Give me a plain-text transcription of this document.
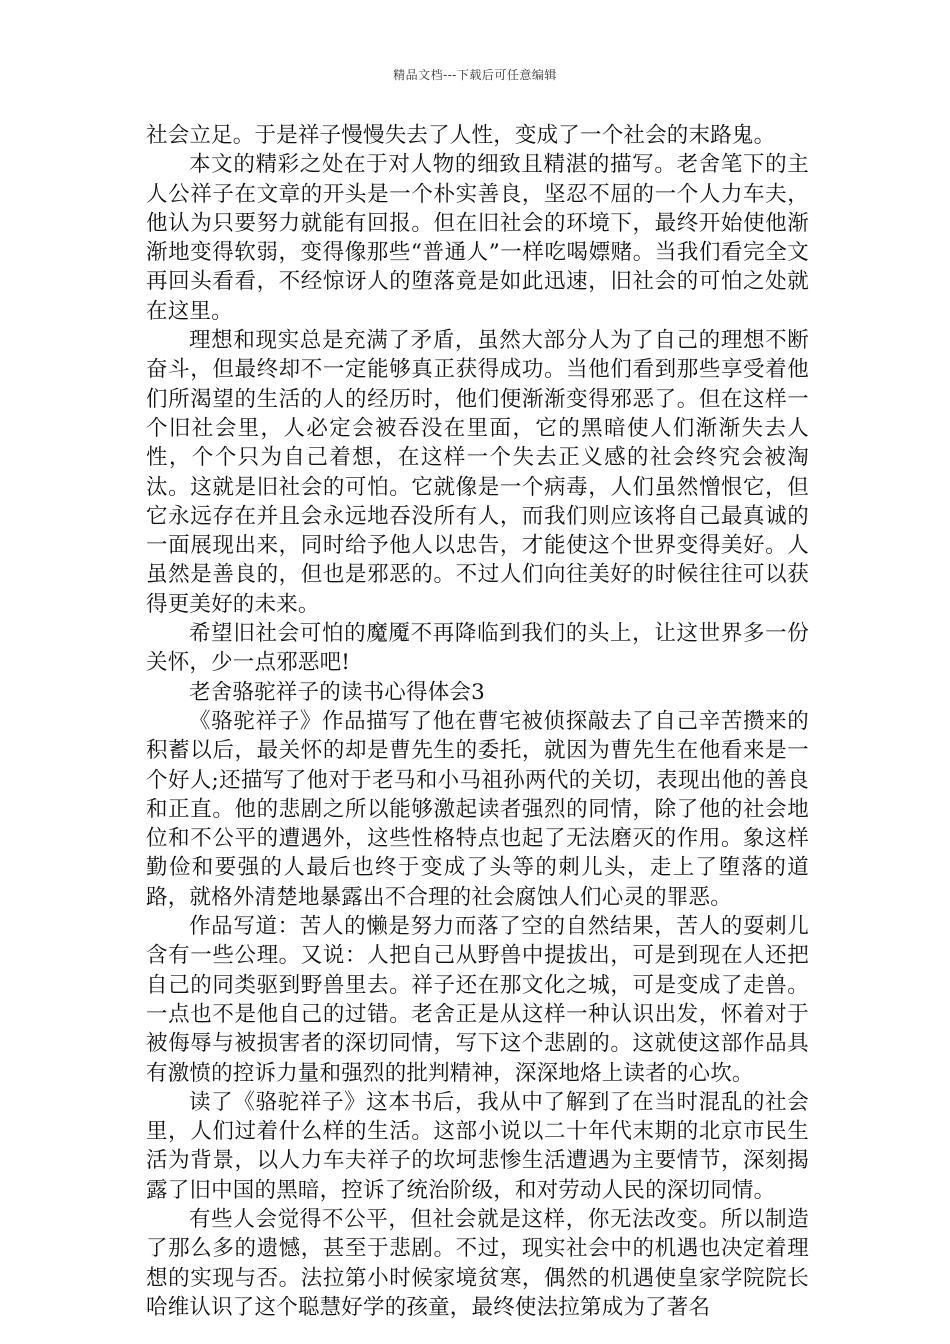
精品文档---下载后可任意编辑

社会立足。于是祥子慢慢失去了人性，变成了一个社会的末路鬼。

本文的精彩之处在于对人物的细致且精湛的描写。老舍笔下的主人公祥子在文章的开头是一个朴实善良，坚忍不屈的一个人力车夫，他认为只要努力就能有回报。但在旧社会的环境下，最终开始使他渐渐地变得软弱，变得像那些“普通人”一样吃喝嫖赌。当我们看完全文再回头看看，不经惊讶人的堕落竟是如此迅速，旧社会的可怕之处就在这里。

理想和现实总是充满了矛盾，虽然大部分人为了自己的理想不断奋斗，但最终却不一定能够真正获得成功。当他们看到那些享受着他们所渴望的生活的人的经历时，他们便渐渐变得邪恶了。但在这样一个旧社会里，人必定会被吞没在里面，它的黑暗使人们渐渐失去人性，个个只为自己着想，在这样一个失去正义感的社会终究会被淘汰。这就是旧社会的可怕。它就像是一个病毒，人们虽然憎恨它，但它永远存在并且会永远地吞没所有人，而我们则应该将自己最真诚的一面展现出来，同时给予他人以忠告，才能使这个世界变得美好。人虽然是善良的，但也是邪恶的。不过人们向往美好的时候往往可以获得更美好的未来。

希望旧社会可怕的魔魇不再降临到我们的头上，让这世界多一份关怀，少一点邪恶吧!

老舍骆驼祥子的读书心得体会3

《骆驼祥子》作品描写了他在曹宅被侦探敲去了自己辛苦攒来的积蓄以后，最关怀的却是曹先生的委托，就因为曹先生在他看来是一个好人;还描写了他对于老马和小马祖孙两代的关切，表现出他的善良和正直。他的悲剧之所以能够激起读者强烈的同情，除了他的社会地位和不公平的遭遇外，这些性格特点也起了无法磨灭的作用。象这样勤俭和要强的人最后也终于变成了头等的刺儿头，走上了堕落的道路，就格外清楚地暴露出不合理的社会腐蚀人们心灵的罪恶。

作品写道：苦人的懒是努力而落了空的自然结果，苦人的耍刺儿含有一些公理。又说：人把自己从野兽中提拔出，可是到现在人还把自己的同类驱到野兽里去。祥子还在那文化之城，可是变成了走兽。一点也不是他自己的过错。老舍正是从这样一种认识出发，怀着对于被侮辱与被损害者的深切同情，写下这个悲剧的。这就使这部作品具有激愤的控诉力量和强烈的批判精神，深深地烙上读者的心坎。

读了《骆驼祥子》这本书后，我从中了解到了在当时混乱的社会里，人们过着什么样的生活。这部小说以二十年代末期的北京市民生活为背景，以人力车夫祥子的坎坷悲惨生活遭遇为主要情节，深刻揭露了旧中国的黑暗，控诉了统治阶级，和对劳动人民的深切同情。

有些人会觉得不公平，但社会就是这样，你无法改变。所以制造了那么多的遗憾，甚至于悲剧。不过，现实社会中的机遇也决定着理想的实现与否。法拉第小时候家境贫寒，偶然的机遇使皇家学院院长哈维认识了这个聪慧好学的孩童，最终使法拉第成为了著名
